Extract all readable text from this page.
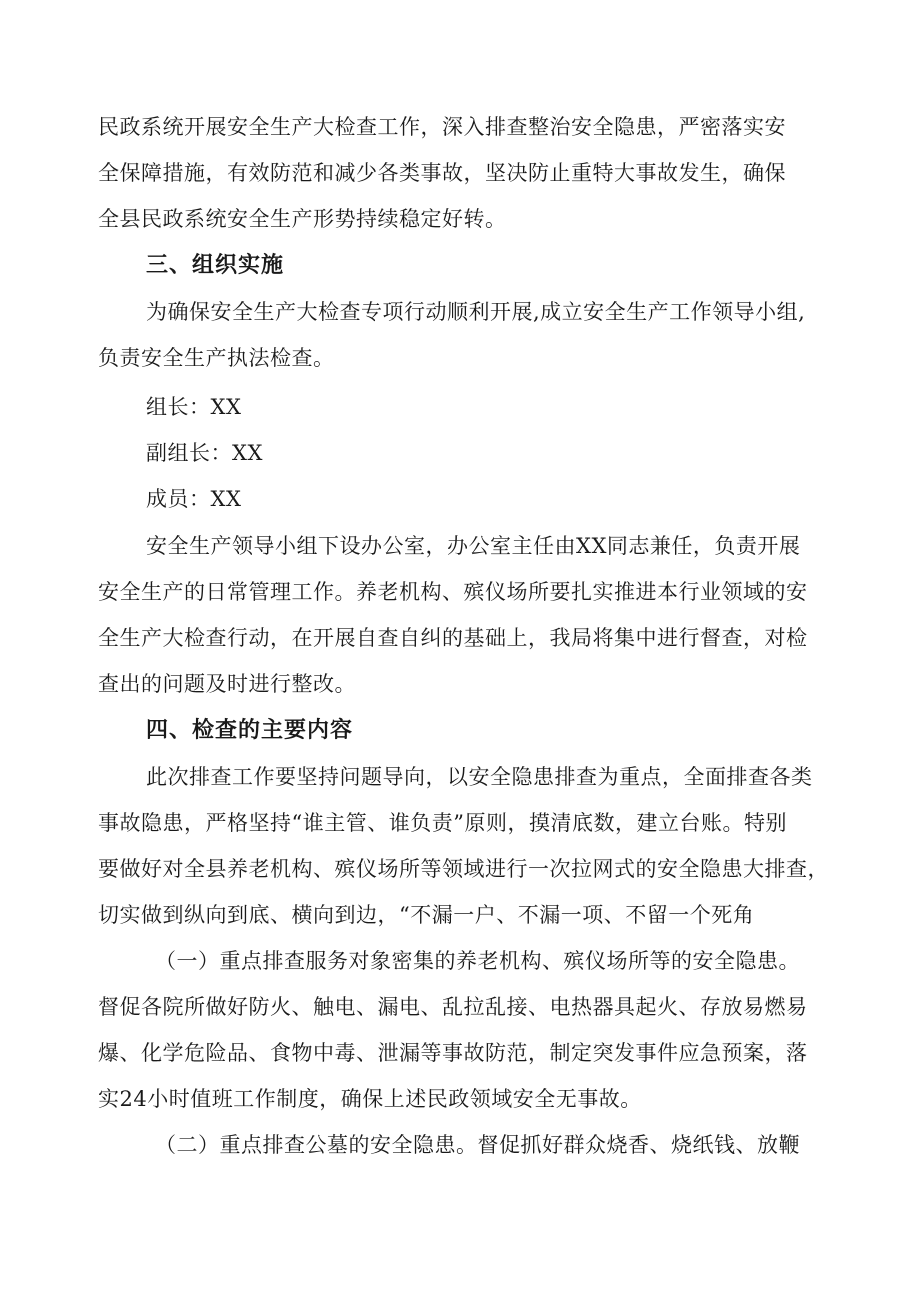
民政系统开展安全生产大检查工作，深入排查整治安全隐患，严密落实安
全保障措施，有效防范和减少各类事故，坚决防止重特大事故发生，确保
全县民政系统安全生产形势持续稳定好转。
三、组织实施
为确保安全生产大检查专项行动顺利开展,成立安全生产工作领导小组,
负责安全生产执法检查。
组长：XX
副组长：XX
成员：XX
安全生产领导小组下设办公室，办公室主任由XX同志兼任，负责开展
安全生产的日常管理工作。养老机构、殡仪场所要扎实推进本行业领域的安
全生产大检查行动，在开展自查自纠的基础上，我局将集中进行督查，对检
查出的问题及时进行整改。
四、检查的主要内容
此次排查工作要坚持问题导向，以安全隐患排查为重点，全面排查各类
事故隐患，严格坚持“谁主管、谁负责”原则，摸清底数，建立台账。特别
要做好对全县养老机构、殡仪场所等领域进行一次拉网式的安全隐患大排查，
切实做到纵向到底、横向到边，“不漏一户、不漏一项、不留一个死角
（一）重点排查服务对象密集的养老机构、殡仪场所等的安全隐患。
督促各院所做好防火、触电、漏电、乱拉乱接、电热器具起火、存放易燃易
爆、化学危险品、食物中毒、泄漏等事故防范，制定突发事件应急预案，落
实24小时值班工作制度，确保上述民政领域安全无事故。
（二）重点排查公墓的安全隐患。督促抓好群众烧香、烧纸钱、放鞭
